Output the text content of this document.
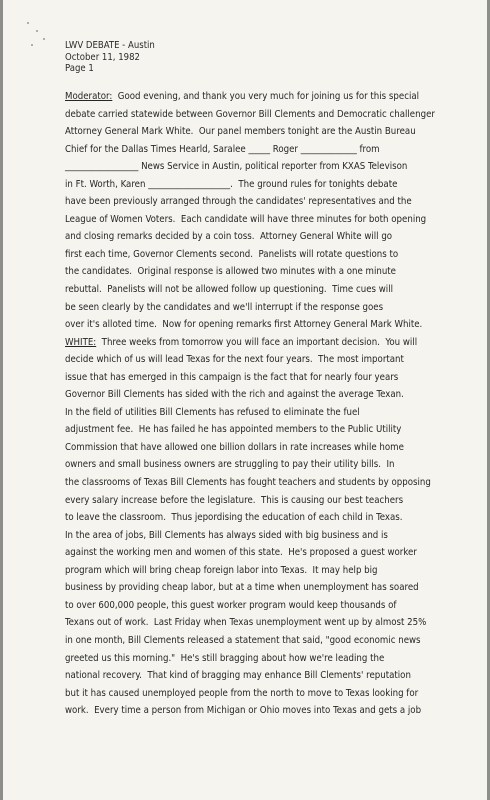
LWV DEBATE - Austin
October 11, 1982
Page 1
Moderator:  Good evening, and thank you very much for joining us for this special
debate carried statewide between Governor Bill Clements and Democratic challenger
Attorney General Mark White.  Our panel members tonight are the Austin Bureau
Chief for the Dallas Times Hearld, Saralee _____ Roger _____________ from
_________________ News Service in Austin, political reporter from KXAS Televison
in Ft. Worth, Karen ___________________.  The ground rules for tonights debate
have been previously arranged through the candidates' representatives and the
League of Women Voters.  Each candidate will have three minutes for both opening
and closing remarks decided by a coin toss.  Attorney General White will go
first each time, Governor Clements second.  Panelists will rotate questions to
the candidates.  Original response is allowed two minutes with a one minute
rebuttal.  Panelists will not be allowed follow up questioning.  Time cues will
be seen clearly by the candidates and we'll interrupt if the response goes
over it's alloted time.  Now for opening remarks first Attorney General Mark White.
WHITE:  Three weeks from tomorrow you will face an important decision.  You will
decide which of us will lead Texas for the next four years.  The most important
issue that has emerged in this campaign is the fact that for nearly four years
Governor Bill Clements has sided with the rich and against the average Texan.
In the field of utilities Bill Clements has refused to eliminate the fuel
adjustment fee.  He has failed he has appointed members to the Public Utility
Commission that have allowed one billion dollars in rate increases while home
owners and small business owners are struggling to pay their utility bills.  In
the classrooms of Texas Bill Clements has fought teachers and students by opposing
every salary increase before the legislature.  This is causing our best teachers
to leave the classroom.  Thus jepordising the education of each child in Texas.
In the area of jobs, Bill Clements has always sided with big business and is
against the working men and women of this state.  He's proposed a guest worker
program which will bring cheap foreign labor into Texas.  It may help big
business by providing cheap labor, but at a time when unemployment has soared
to over 600,000 people, this guest worker program would keep thousands of
Texans out of work.  Last Friday when Texas unemployment went up by almost 25%
in one month, Bill Clements released a statement that said, "good economic news
greeted us this morning."  He's still bragging about how we're leading the
national recovery.  That kind of bragging may enhance Bill Clements' reputation
but it has caused unemployed people from the north to move to Texas looking for
work.  Every time a person from Michigan or Ohio moves into Texas and gets a job
